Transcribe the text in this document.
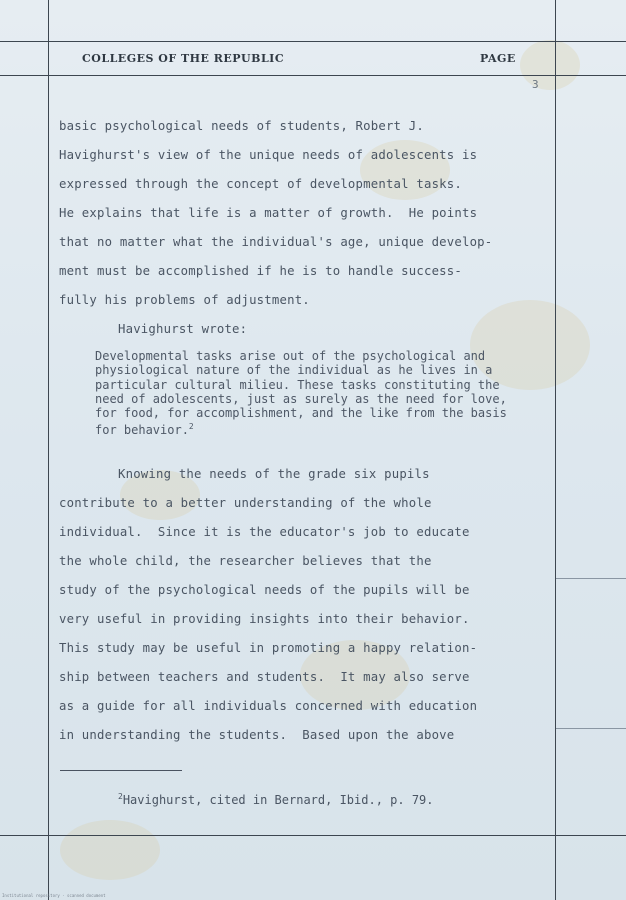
COLLEGES OF THE REPUBLIC	PAGE
3
basic psychological needs of students, Robert J.
Havighurst's view of the unique needs of adolescents is
expressed through the concept of developmental tasks.
He explains that life is a matter of growth.  He points
that no matter what the individual's age, unique develop-
ment must be accomplished if he is to handle success-
fully his problems of adjustment.
Havighurst wrote:
Developmental tasks arise out of the psychological and physiological nature of the individual as he lives in a particular cultural milieu. These tasks constituting the need of adolescents, just as surely as the need for love, for food, for accomplishment, and the like from the basis for behavior.$^2$
Knowing the needs of the grade six pupils
contribute to a better understanding of the whole
individual.  Since it is the educator's job to educate
the whole child, the researcher believes that the
study of the psychological needs of the pupils will be
very useful in providing insights into their behavior.
This study may be useful in promoting a happy relation-
ship between teachers and students.  It may also serve
as a guide for all individuals concerned with education
in understanding the students.  Based upon the above
$^2$Havighurst, cited in Bernard, Ibid., p. 79.
Institutional repository · scanned document
